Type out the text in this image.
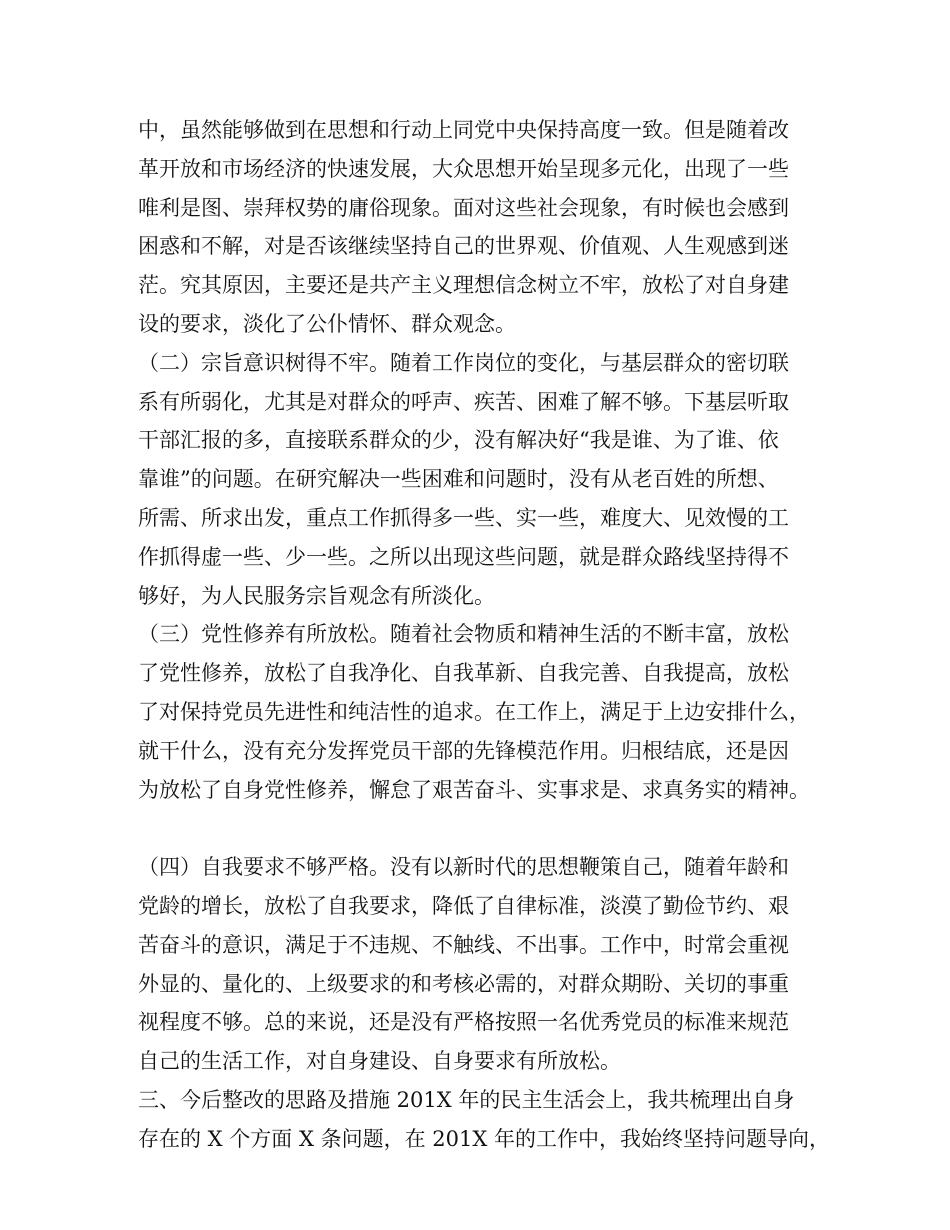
中，虽然能够做到在思想和行动上同党中央保持高度一致。但是随着改
革开放和市场经济的快速发展，大众思想开始呈现多元化，出现了一些
唯利是图、崇拜权势的庸俗现象。面对这些社会现象，有时候也会感到
困惑和不解，对是否该继续坚持自己的世界观、价值观、人生观感到迷
茫。究其原因，主要还是共产主义理想信念树立不牢，放松了对自身建
设的要求，淡化了公仆情怀、群众观念。
（二）宗旨意识树得不牢。随着工作岗位的变化，与基层群众的密切联
系有所弱化，尤其是对群众的呼声、疾苦、困难了解不够。下基层听取
干部汇报的多，直接联系群众的少，没有解决好“我是谁、为了谁、依
靠谁”的问题。在研究解决一些困难和问题时，没有从老百姓的所想、
所需、所求出发，重点工作抓得多一些、实一些，难度大、见效慢的工
作抓得虚一些、少一些。之所以出现这些问题，就是群众路线坚持得不
够好，为人民服务宗旨观念有所淡化。
（三）党性修养有所放松。随着社会物质和精神生活的不断丰富，放松
了党性修养，放松了自我净化、自我革新、自我完善、自我提高，放松
了对保持党员先进性和纯洁性的追求。在工作上，满足于上边安排什么，
就干什么，没有充分发挥党员干部的先锋模范作用。归根结底，还是因
为放松了自身党性修养，懈怠了艰苦奋斗、实事求是、求真务实的精神。
（四）自我要求不够严格。没有以新时代的思想鞭策自己，随着年龄和
党龄的增长，放松了自我要求，降低了自律标准，淡漠了勤俭节约、艰
苦奋斗的意识，满足于不违规、不触线、不出事。工作中，时常会重视
外显的、量化的、上级要求的和考核必需的，对群众期盼、关切的事重
视程度不够。总的来说，还是没有严格按照一名优秀党员的标准来规范
自己的生活工作，对自身建设、自身要求有所放松。
三、今后整改的思路及措施 201X 年的民主生活会上，我共梳理出自身
存在的 X 个方面 X 条问题，在 201X 年的工作中，我始终坚持问题导向，
